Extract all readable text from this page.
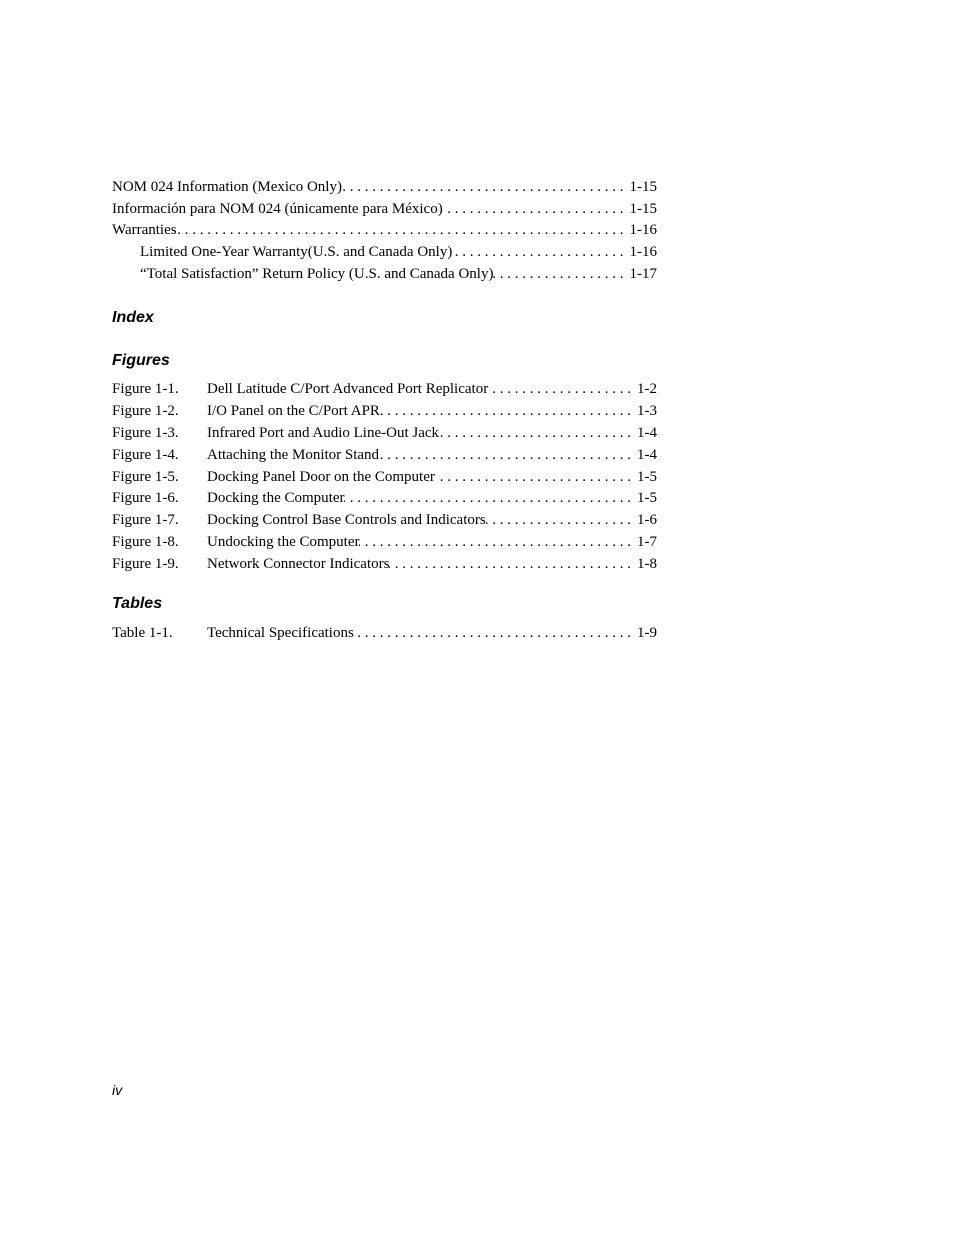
NOM 024 Information (Mexico Only) . . .	1-15
Información para NOM 024 (únicamente para México) . . .	1-15
Warranties . . .	1-16
Limited One-Year Warranty(U.S. and Canada Only) . . .	1-16
“Total Satisfaction” Return Policy (U.S. and Canada Only) . . .	1-17
Index
Figures
Figure 1-1.	Dell Latitude C/Port Advanced Port Replicator . . .	1-2
Figure 1-2.	I/O Panel on the C/Port APR . . .	1-3
Figure 1-3.	Infrared Port and Audio Line-Out Jack . . .	1-4
Figure 1-4.	Attaching the Monitor Stand . . .	1-4
Figure 1-5.	Docking Panel Door on the Computer . . .	1-5
Figure 1-6.	Docking the Computer . . .	1-5
Figure 1-7.	Docking Control Base Controls and Indicators . . .	1-6
Figure 1-8.	Undocking the Computer . . .	1-7
Figure 1-9.	Network Connector Indicators . . .	1-8
Tables
Table 1-1.	Technical Specifications . . .	1-9
iv
